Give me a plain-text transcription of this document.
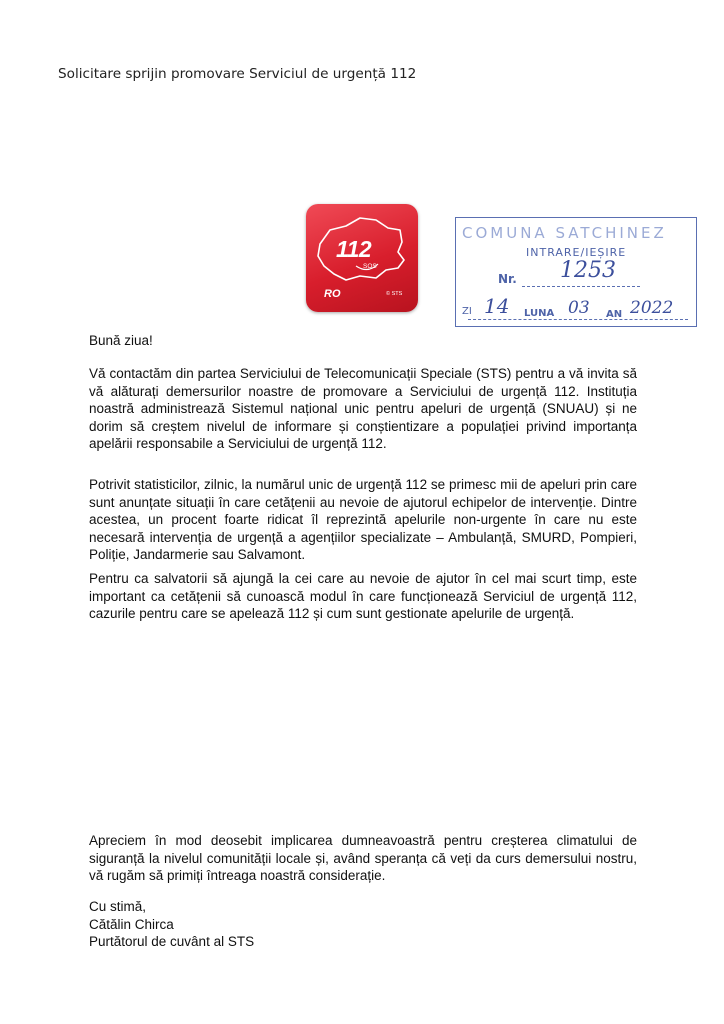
Solicitare sprijin promovare Serviciul de urgență 112
112
SOS
RO	© STS
COMUNA SATCHINEZ
INTRARE/IEȘIRE
Nr. 1253
ZI 14 LUNA 03 AN 2022
Bună ziua!

Vă contactăm din partea Serviciului de Telecomunicații Speciale (STS) pentru a vă invita să vă alăturați demersurilor noastre de promovare a Serviciului de urgență 112. Instituția noastră administrează Sistemul național unic pentru apeluri de urgență (SNUAU) și ne dorim să creștem nivelul de informare și conștientizare a populației privind importanța apelării responsabile a Serviciului de urgență 112.

Potrivit statisticilor, zilnic, la numărul unic de urgență 112 se primesc mii de apeluri prin care sunt anunțate situații în care cetățenii au nevoie de ajutorul echipelor de intervenție. Dintre acestea, un procent foarte ridicat îl reprezintă apelurile non-urgente în care nu este necesară intervenția de urgență a agențiilor specializate – Ambulanță, SMURD, Pompieri, Poliție, Jandarmerie sau Salvamont.

Pentru ca salvatorii să ajungă la cei care au nevoie de ajutor în cel mai scurt timp, este important ca cetățenii să cunoască modul în care funcționează Serviciul de urgență 112, cazurile pentru care se apelează 112 și cum sunt gestionate apelurile de urgență.

Apreciem în mod deosebit implicarea dumneavoastră pentru creșterea climatului de siguranță la nivelul comunității locale și, având speranța că veți da curs demersului nostru, vă rugăm să primiți întreaga noastră considerație.

Cu stimă,
Cătălin Chirca
Purtătorul de cuvânt al STS
